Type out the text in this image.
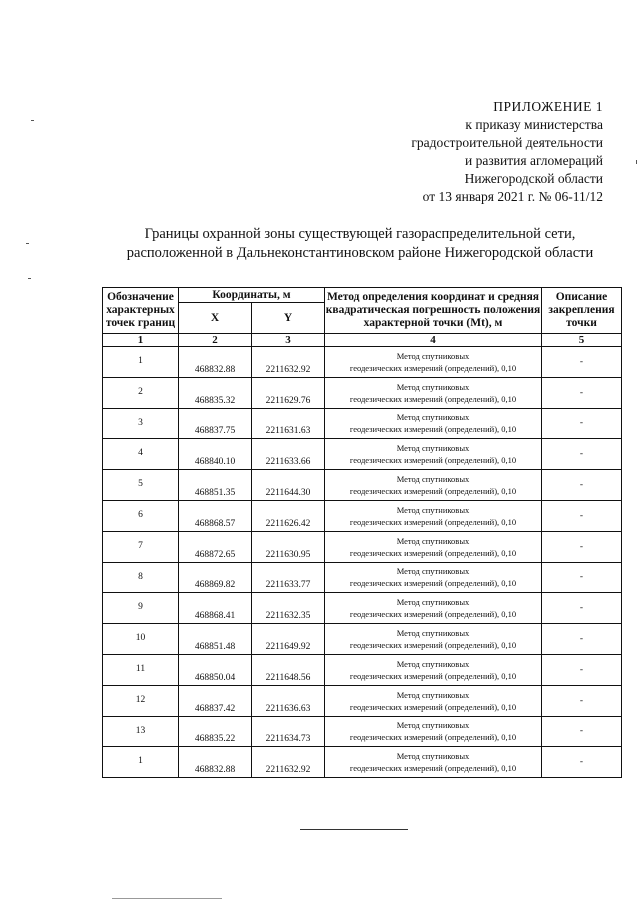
ПРИЛОЖЕНИЕ 1
к приказу министерства
градостроительной деятельности
и развития агломераций
Нижегородской области
от 13 января 2021 г. № 06-11/12
Границы охранной зоны существующей газораспределительной сети,
расположенной в Дальнеконстантиновском районе Нижегородской области
Обозначение характерных точек границ	Координаты, м		Метод определения координат и средняя квадратическая погрешность положения характерной точки (Mt), м	Описание закрепления точки
	X	Y		
1	2	3	4	5
1	468832.88	2211632.92	Метод спутниковых
геодезических измерений (определений), 0,10	-
2	468835.32	2211629.76	Метод спутниковых
геодезических измерений (определений), 0,10	-
3	468837.75	2211631.63	Метод спутниковых
геодезических измерений (определений), 0,10	-
4	468840.10	2211633.66	Метод спутниковых
геодезических измерений (определений), 0,10	-
5	468851.35	2211644.30	Метод спутниковых
геодезических измерений (определений), 0,10	-
6	468868.57	2211626.42	Метод спутниковых
геодезических измерений (определений), 0,10	-
7	468872.65	2211630.95	Метод спутниковых
геодезических измерений (определений), 0,10	-
8	468869.82	2211633.77	Метод спутниковых
геодезических измерений (определений), 0,10	-
9	468868.41	2211632.35	Метод спутниковых
геодезических измерений (определений), 0,10	-
10	468851.48	2211649.92	Метод спутниковых
геодезических измерений (определений), 0,10	-
11	468850.04	2211648.56	Метод спутниковых
геодезических измерений (определений), 0,10	-
12	468837.42	2211636.63	Метод спутниковых
геодезических измерений (определений), 0,10	-
13	468835.22	2211634.73	Метод спутниковых
геодезических измерений (определений), 0,10	-
1	468832.88	2211632.92	Метод спутниковых
геодезических измерений (определений), 0,10	-
